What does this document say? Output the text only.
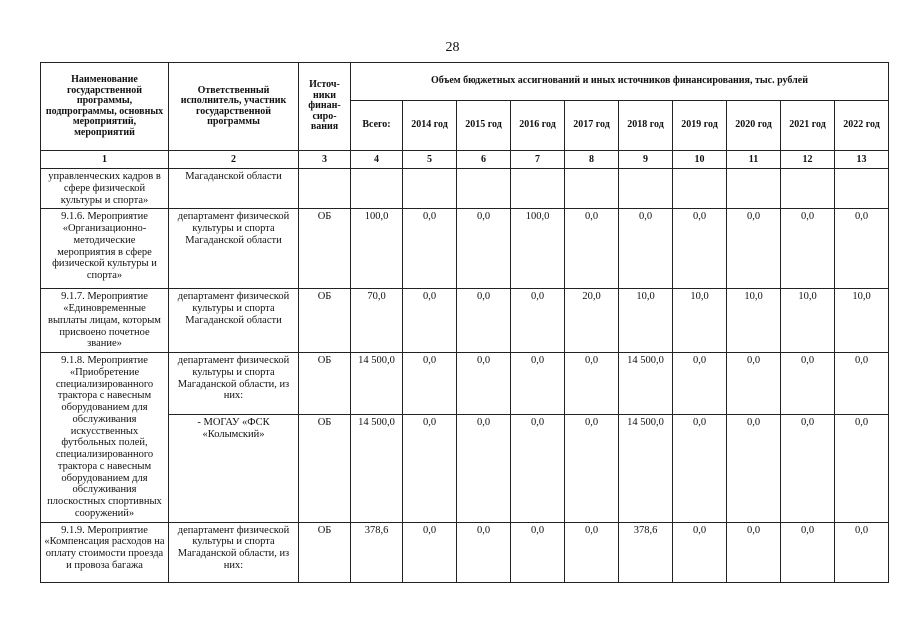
28
Наименование государственной программы, подпрограммы, основных мероприятий, мероприятий	Ответственный исполнитель, участник государственной программы	Источ-ники финан-сиро-вания	Объем бюджетных ассигнований и иных источников финансирования, тыс. рублей									
			Всего:	2014 год	2015 год	2016 год	2017 год	2018 год	2019 год	2020 год	2021 год	2022 год
1	2	3	4	5	6	7	8	9	10	11	12	13
управленческих кадров в сфере физической культуры и спорта»	Магаданской области											
9.1.6. Мероприятие «Организационно-методические мероприятия в сфере физической культуры и спорта»	департамент физической культуры и спорта Магаданской области	ОБ	100,0	0,0	0,0	100,0	0,0	0,0	0,0	0,0	0,0	0,0
9.1.7. Мероприятие «Единовременные выплаты лицам, которым присвоено почетное звание»	департамент физической культуры и спорта Магаданской области	ОБ	70,0	0,0	0,0	0,0	20,0	10,0	10,0	10,0	10,0	10,0
9.1.8. Мероприятие «Приобретение специализированного трактора с навесным оборудованием для обслуживания искусственных футбольных полей, специализированного трактора с навесным оборудованием для обслуживания плоскостных спортивных сооружений»	департамент физической культуры и спорта Магаданской области, из них:	ОБ	14 500,0	0,0	0,0	0,0	0,0	14 500,0	0,0	0,0	0,0	0,0
	- МОГАУ «ФСК «Колымский»	ОБ	14 500,0	0,0	0,0	0,0	0,0	14 500,0	0,0	0,0	0,0	0,0
9.1.9. Мероприятие «Компенсация расходов на оплату стоимости проезда и провоза багажа	департамент физической культуры и спорта Магаданской области, из них:	ОБ	378,6	0,0	0,0	0,0	0,0	378,6	0,0	0,0	0,0	0,0
